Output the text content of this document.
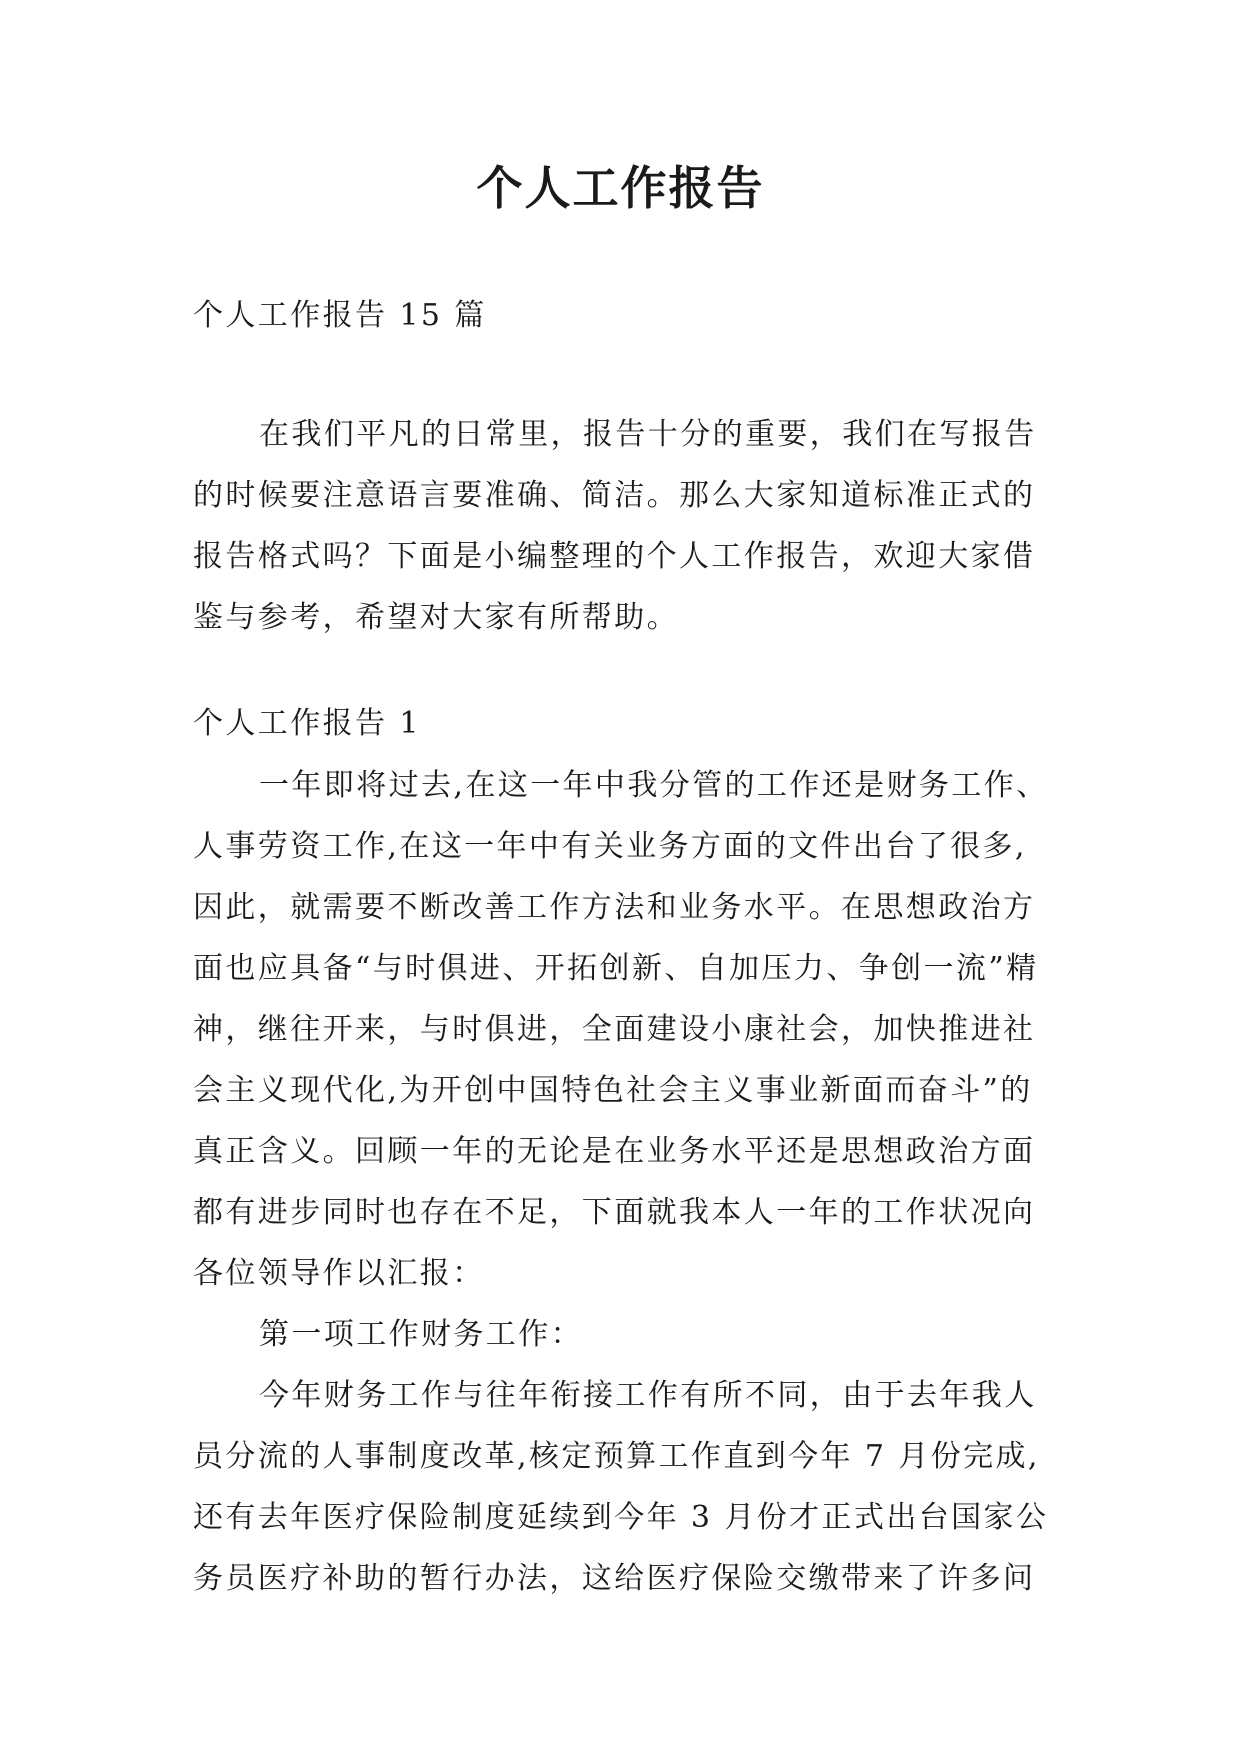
个人工作报告

个人工作报告 15 篇

在我们平凡的日常里，报告十分的重要，我们在写报告的时候要注意语言要准确、简洁。那么大家知道标准正式的报告格式吗？下面是小编整理的个人工作报告，欢迎大家借鉴与参考，希望对大家有所帮助。

个人工作报告 1

一年即将过去,在这一年中我分管的工作还是财务工作、人事劳资工作,在这一年中有关业务方面的文件出台了很多,因此，就需要不断改善工作方法和业务水平。在思想政治方面也应具备“与时俱进、开拓创新、自加压力、争创一流”精神，继往开来，与时俱进，全面建设小康社会，加快推进社会主义现代化,为开创中国特色社会主义事业新面而奋斗”的真正含义。回顾一年的无论是在业务水平还是思想政治方面都有进步同时也存在不足，下面就我本人一年的工作状况向各位领导作以汇报：

第一项工作财务工作：

今年财务工作与往年衔接工作有所不同，由于去年我人员分流的人事制度改革,核定预算工作直到今年 7 月份完成,还有去年医疗保险制度延续到今年 3 月份才正式出台国家公务员医疗补助的暂行办法，这给医疗保险交缴带来了许多问
